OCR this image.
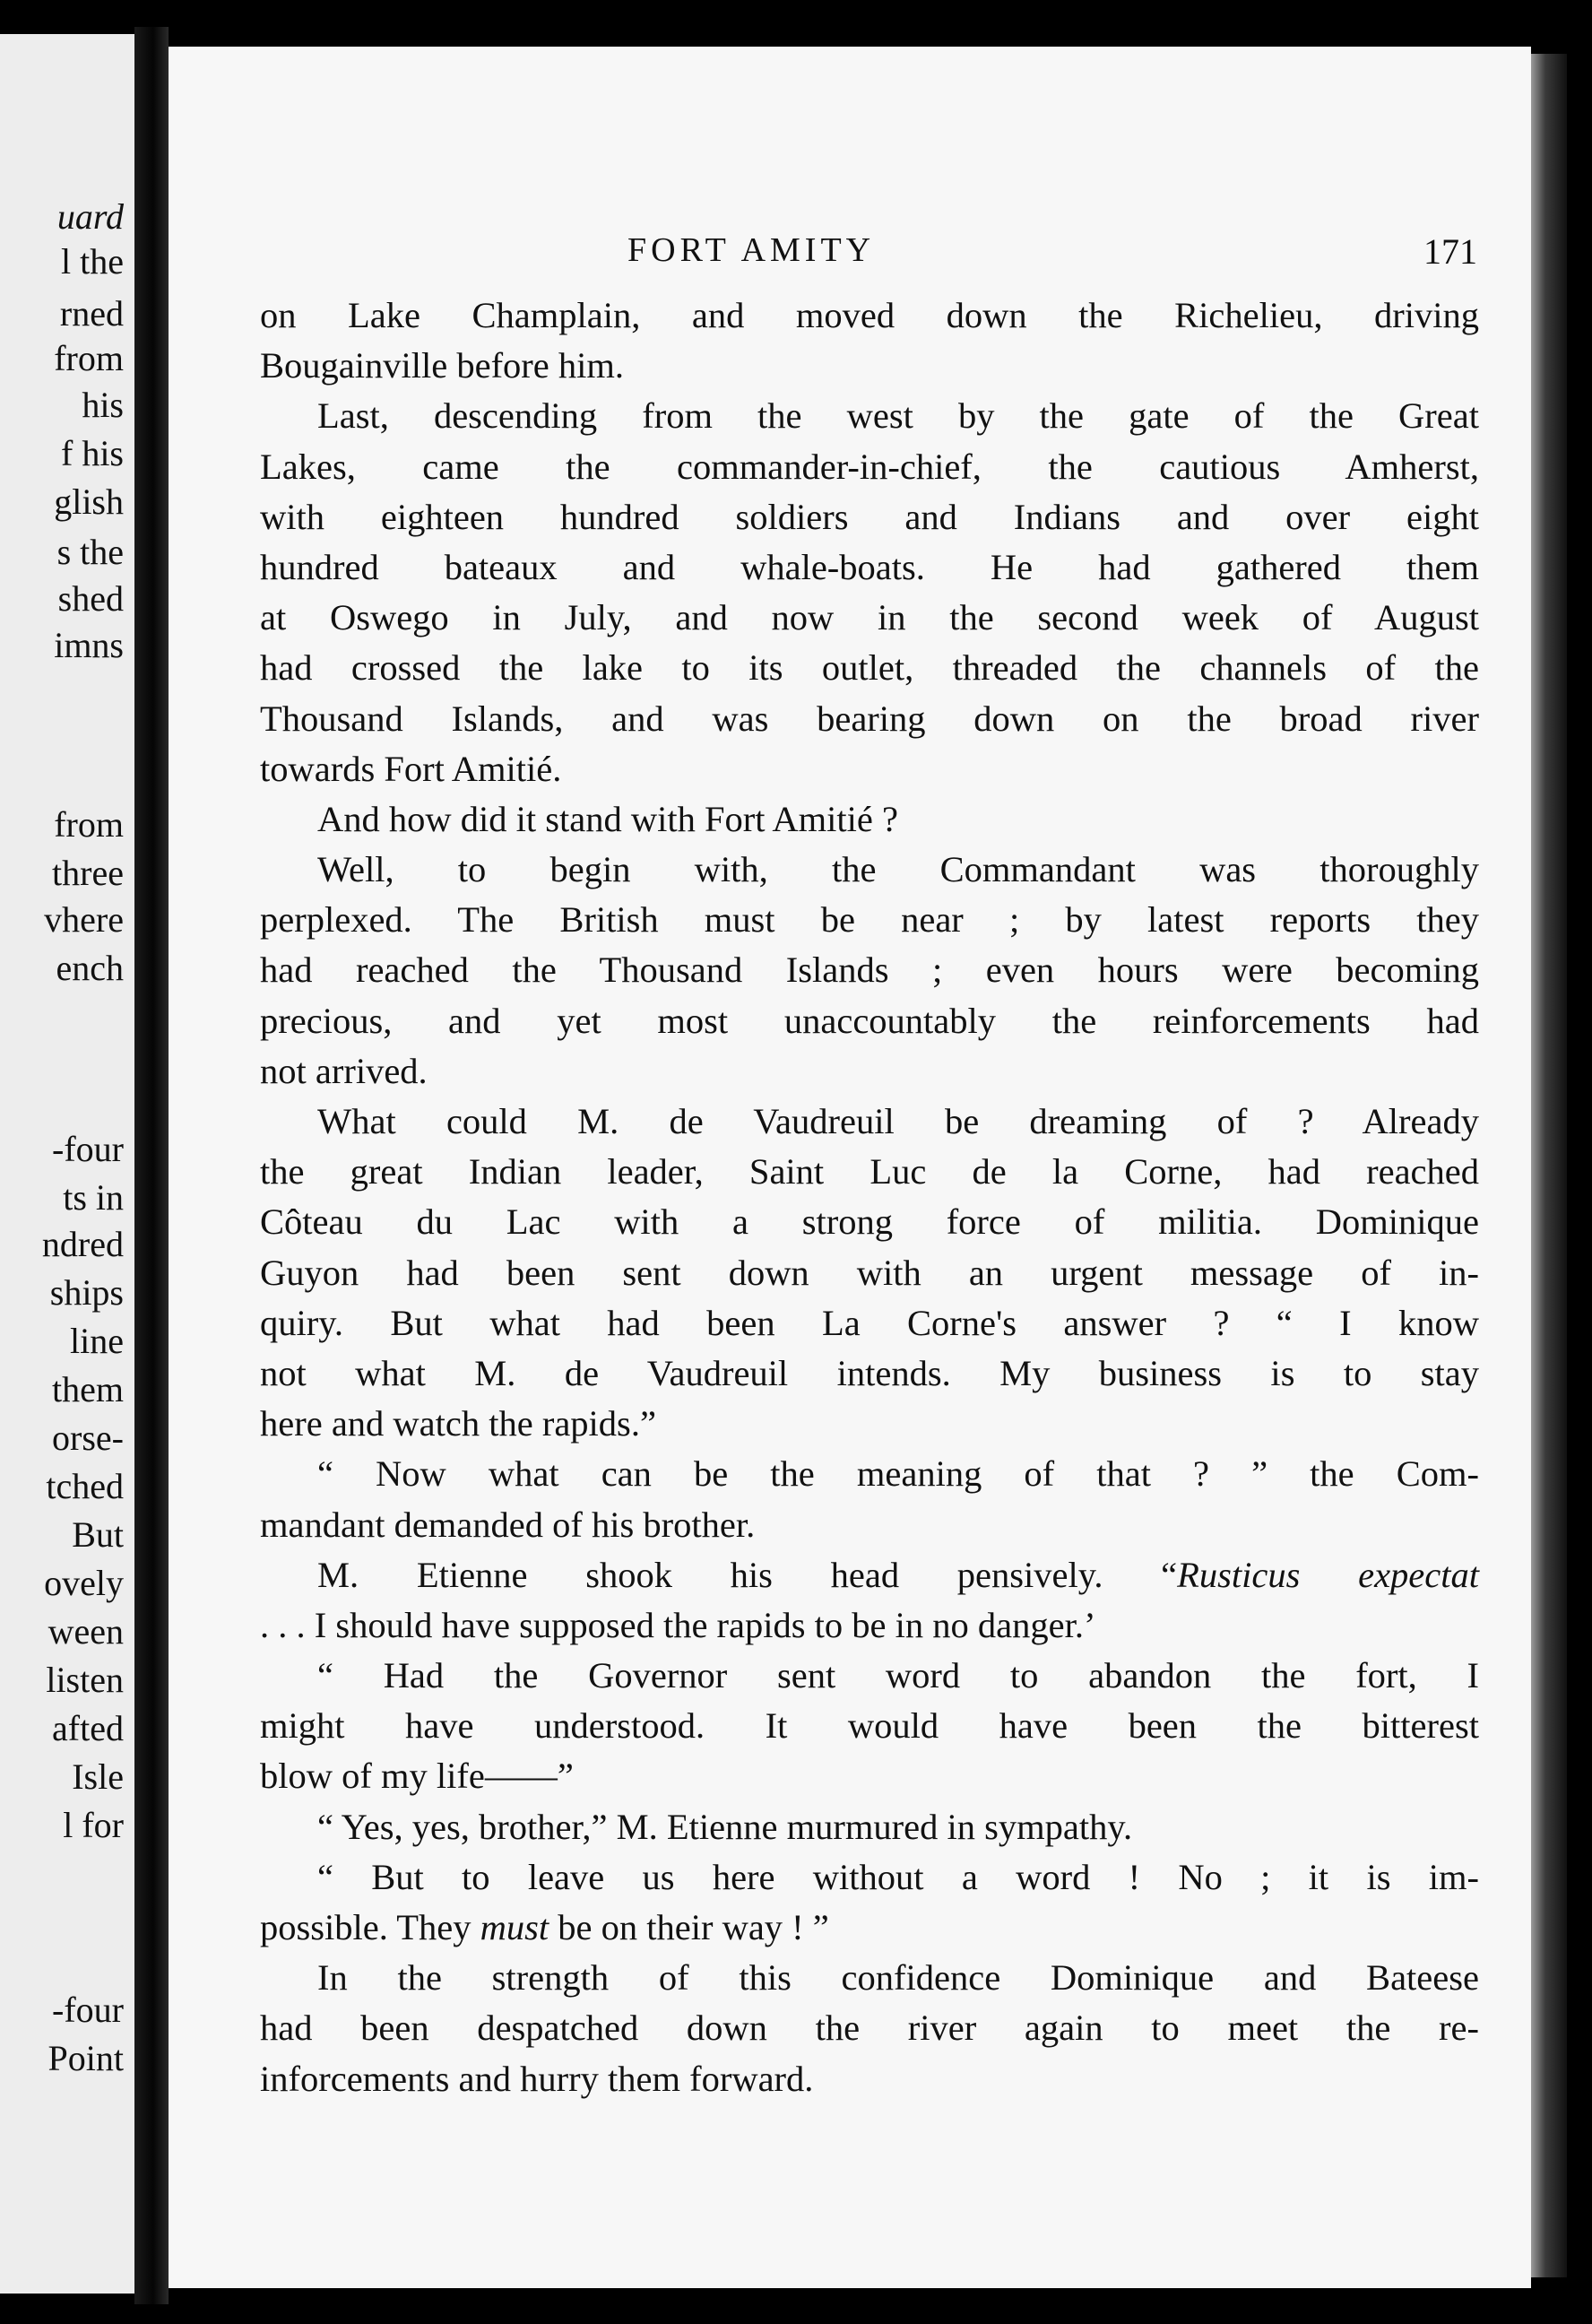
uard
l the
rned
from
his
f his
glish
s the
shed
imns
from
three
vhere
ench
-four
ts in
ndred
ships
line
them
orse-
tched
But
ovely
ween
listen
afted
Isle
l for
-four
Point
FORT AMITY	171
on Lake Champlain, and moved down the Richelieu, driving
Bougainville before him.
Last, descending from the west by the gate of the Great
Lakes, came the commander-in-chief, the cautious Amherst,
with eighteen hundred soldiers and Indians and over eight
hundred bateaux and whale-boats. He had gathered them
at Oswego in July, and now in the second week of August
had crossed the lake to its outlet, threaded the channels of the
Thousand Islands, and was bearing down on the broad river
towards Fort Amitié.
And how did it stand with Fort Amitié ?
Well, to begin with, the Commandant was thoroughly
perplexed. The British must be near ; by latest reports they
had reached the Thousand Islands ; even hours were becoming
precious, and yet most unaccountably the reinforcements had
not arrived.
What could M. de Vaudreuil be dreaming of ? Already
the great Indian leader, Saint Luc de la Corne, had reached
Côteau du Lac with a strong force of militia. Dominique
Guyon had been sent down with an urgent message of in-
quiry. But what had been La Corne's answer ? “ I know
not what M. de Vaudreuil intends. My business is to stay
here and watch the rapids.”
“ Now what can be the meaning of that ? ” the Com-
mandant demanded of his brother.
M. Etienne shook his head pensively. “Rusticus expectat
. . . I should have supposed the rapids to be in no danger.’
“ Had the Governor sent word to abandon the fort, I
might have understood. It would have been the bitterest
blow of my life——”
“ Yes, yes, brother,” M. Etienne murmured in sympathy.
“ But to leave us here without a word ! No ; it is im-
possible. They must be on their way ! ”
In the strength of this confidence Dominique and Bateese
had been despatched down the river again to meet the re-
inforcements and hurry them forward.
